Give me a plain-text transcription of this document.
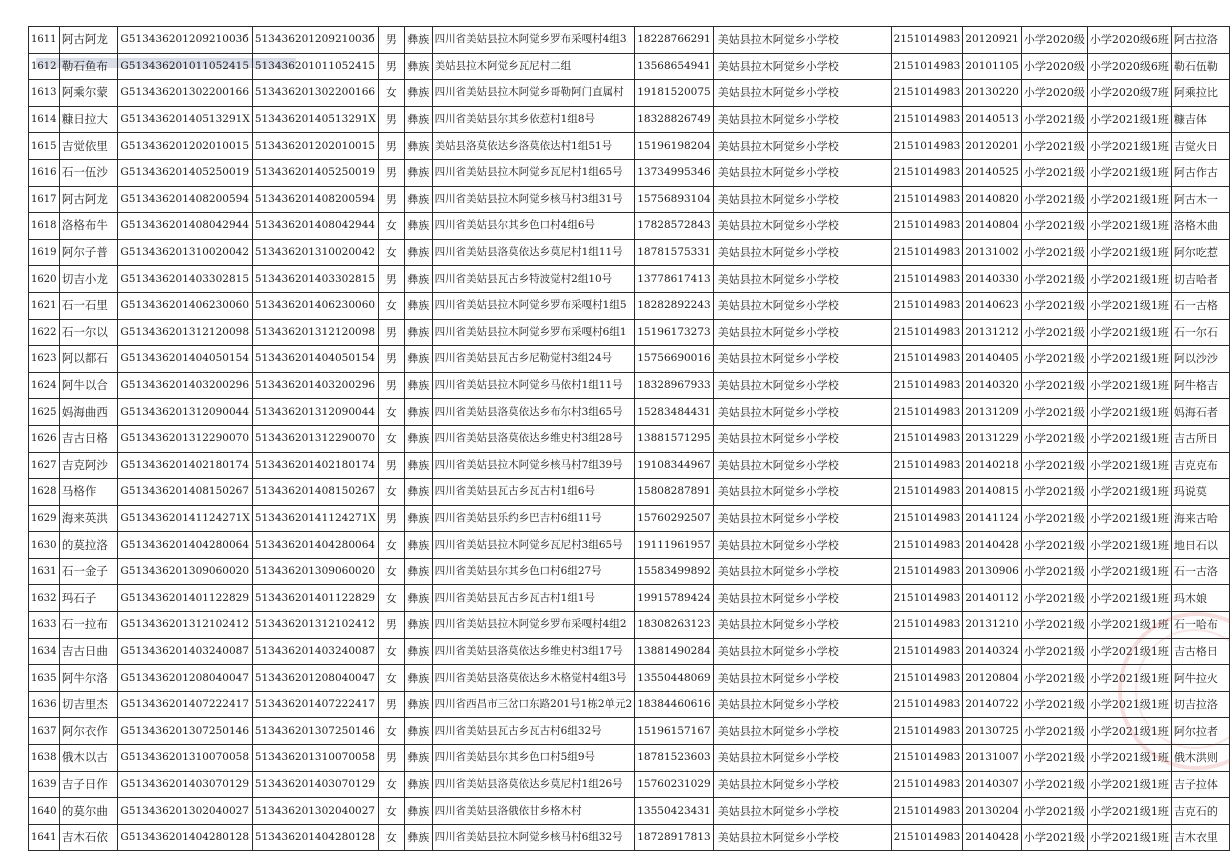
1611	阿古阿龙	G51343620120921003б	51343620120921003б	男	彝族	四川省美姑县拉木阿觉乡罗布采嘎村4组3	18228766291	美姑县拉木阿觉乡小学校	2151014983	20120921	小学2020级	小学2020级6班	阿古拉洛
1612	勒石鱼布	G513436201011052415	513436201011052415	男	彝族	美姑县拉木阿觉乡瓦尼村二组	13568654941	美姑县拉木阿觉乡小学校	2151014983	20101105	小学2020级	小学2020级6班	勒石伍勒
1613	阿乘尔蒙	G513436201302200166	513436201302200166	女	彝族	四川省美姑县拉木阿觉乡哥勒阿门直属村	19181520075	美姑县拉木阿觉乡小学校	2151014983	20130220	小学2020级	小学2020级7班	阿乘拉比
1614	糠日拉大	G51343620140513291X	51343620140513291X	男	彝族	四川省美姑县尔其乡依惹村1组8号	18328826749	美姑县拉木阿觉乡小学校	2151014983	20140513	小学2021级	小学2021级1班	糠吉体
1615	吉觉依里	G513436201202010015	513436201202010015	男	彝族	美姑县洛莫依达乡洛莫依达村1组51号	15196198204	美姑县拉木阿觉乡小学校	2151014983	20120201	小学2021级	小学2021级1班	吉觉火日
1616	石一伍沙	G513436201405250019	513436201405250019	男	彝族	四川省美姑县拉木阿觉乡瓦尼村1组65号	13734995346	美姑县拉木阿觉乡小学校	2151014983	20140525	小学2021级	小学2021级1班	阿古作古
1617	阿古阿龙	G513436201408200594	513436201408200594	男	彝族	四川省美姑县拉木阿觉乡核马村3组31号	15756893104	美姑县拉木阿觉乡小学校	2151014983	20140820	小学2021级	小学2021级1班	阿古木一
1618	洛格布牛	G513436201408042944	513436201408042944	女	彝族	四川省美姑县尔其乡色口村4组6号	17828572843	美姑县拉木阿觉乡小学校	2151014983	20140804	小学2021级	小学2021级1班	洛格木曲
1619	阿尔子普	G513436201310020042	513436201310020042	女	彝族	四川省美姑县洛莫依达乡莫尼村1组11号	18781575331	美姑县拉木阿觉乡小学校	2151014983	20131002	小学2021级	小学2021级1班	阿尔吃惹
1620	切吉小龙	G513436201403302815	513436201403302815	男	彝族	四川省美姑县瓦古乡特波觉村2组10号	13778617413	美姑县拉木阿觉乡小学校	2151014983	20140330	小学2021级	小学2021级1班	切吉哈者
1621	石一石里	G513436201406230060	513436201406230060	女	彝族	四川省美姑县拉木阿觉乡罗布采嘎村1组5	18282892243	美姑县拉木阿觉乡小学校	2151014983	20140623	小学2021级	小学2021级1班	石一古格
1622	石一尔以	G513436201312120098	513436201312120098	男	彝族	四川省美姑县拉木阿觉乡罗布采嘎村6组1	15196173273	美姑县拉木阿觉乡小学校	2151014983	20131212	小学2021级	小学2021级1班	石一尔石
1623	阿以都石	G513436201404050154	513436201404050154	男	彝族	四川省美姑县瓦古乡尼勒觉村3组24号	15756690016	美姑县拉木阿觉乡小学校	2151014983	20140405	小学2021级	小学2021级1班	阿以沙沙
1624	阿牛以合	G513436201403200296	513436201403200296	男	彝族	四川省美姑县拉木阿觉乡马依村1组11号	18328967933	美姑县拉木阿觉乡小学校	2151014983	20140320	小学2021级	小学2021级1班	阿牛格吉
1625	妈海曲西	G513436201312090044	513436201312090044	女	彝族	四川省美姑县洛莫依达乡布尔村3组65号	15283484431	美姑县拉木阿觉乡小学校	2151014983	20131209	小学2021级	小学2021级1班	妈海石者
1626	吉古日格	G513436201312290070	513436201312290070	女	彝族	四川省美姑县洛莫依达乡维史村3组28号	13881571295	美姑县拉木阿觉乡小学校	2151014983	20131229	小学2021级	小学2021级1班	吉古所日
1627	吉克阿沙	G513436201402180174	513436201402180174	男	彝族	四川省美姑县拉木阿觉乡核马村7组39号	19108344967	美姑县拉木阿觉乡小学校	2151014983	20140218	小学2021级	小学2021级1班	吉克克布
1628	马格作	G513436201408150267	513436201408150267	女	彝族	四川省美姑县瓦古乡瓦古村1组6号	15808287891	美姑县拉木阿觉乡小学校	2151014983	20140815	小学2021级	小学2021级1班	玛说莫
1629	海来英洪	G51343620141124271X	51343620141124271X	男	彝族	四川省美姑县乐约乡巴吉村6组11号	15760292507	美姑县拉木阿觉乡小学校	2151014983	20141124	小学2021级	小学2021级1班	海来古哈
1630	的莫拉洛	G513436201404280064	513436201404280064	女	彝族	四川省美姑县拉木阿觉乡瓦尼村3组65号	19111961957	美姑县拉木阿觉乡小学校	2151014983	20140428	小学2021级	小学2021级1班	地日石以
1631	石一金子	G513436201309060020	513436201309060020	女	彝族	四川省美姑县尔其乡色口村6组27号	15583499892	美姑县拉木阿觉乡小学校	2151014983	20130906	小学2021级	小学2021级1班	石一古洛
1632	玛石子	G513436201401122829	513436201401122829	女	彝族	四川省美姑县瓦古乡瓦古村1组1号	19915789424	美姑县拉木阿觉乡小学校	2151014983	20140112	小学2021级	小学2021级1班	玛木娘
1633	石一拉布	G513436201312102412	513436201312102412	男	彝族	四川省美姑县拉木阿觉乡罗布采嘎村4组2	18308263123	美姑县拉木阿觉乡小学校	2151014983	20131210	小学2021级	小学2021级1班	石一哈布
1634	吉古日曲	G513436201403240087	513436201403240087	女	彝族	四川省美姑县洛莫依达乡维史村3组17号	13881490284	美姑县拉木阿觉乡小学校	2151014983	20140324	小学2021级	小学2021级1班	吉古格日
1635	阿牛尔洛	G513436201208040047	513436201208040047	女	彝族	四川省美姑县洛莫依达乡木格觉村4组3号	13550448069	美姑县拉木阿觉乡小学校	2151014983	20120804	小学2021级	小学2021级1班	阿牛拉火
1636	切吉里杰	G513436201407222417	513436201407222417	男	彝族	四川省西昌市三岔口东路201号1栋2单元2	18384460616	美姑县拉木阿觉乡小学校	2151014983	20140722	小学2021级	小学2021级1班	切吉拉洛
1637	阿尔衣作	G513436201307250146	513436201307250146	女	彝族	四川省美姑县瓦古乡瓦古村6组32号	15196157167	美姑县拉木阿觉乡小学校	2151014983	20130725	小学2021级	小学2021级1班	阿尔拉者
1638	俄木以古	G513436201310070058	513436201310070058	男	彝族	四川省美姑县尔其乡色口村5组9号	18781523603	美姑县拉木阿觉乡小学校	2151014983	20131007	小学2021级	小学2021级1班	俄木洪则
1639	吉子日作	G513436201403070129	513436201403070129	女	彝族	四川省美姑县洛莫依达乡莫尼村1组26号	15760231029	美姑县拉木阿觉乡小学校	2151014983	20140307	小学2021级	小学2021级1班	吉子拉体
1640	的莫尔曲	G513436201302040027	513436201302040027	女	彝族	四川省美姑县洛俄依甘乡格木村	13550423431	美姑县拉木阿觉乡小学校	2151014983	20130204	小学2021级	小学2021级1班	吉克石的
1641	吉木石依	G513436201404280128	513436201404280128	女	彝族	四川省美姑县拉木阿觉乡核马村6组32号	18728917813	美姑县拉木阿觉乡小学校	2151014983	20140428	小学2021级	小学2021级1班	吉木衣里
